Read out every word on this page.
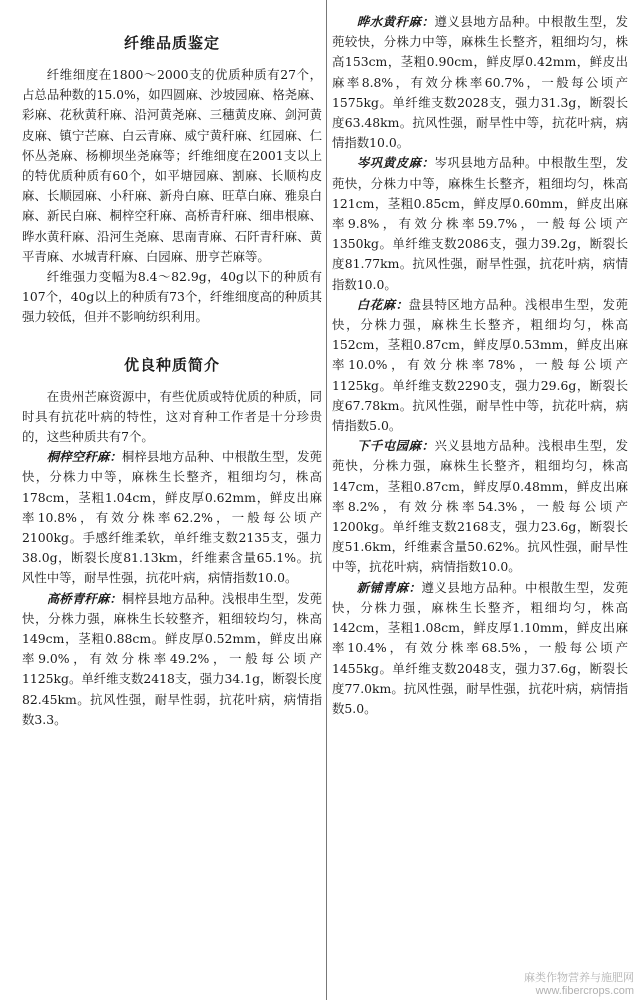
纤维品质鉴定

纤维细度在1800～2000支的优质种质有27个，占总品种数的15.0%，如四圆麻、沙坡园麻、格尧麻、彩麻、花秋黄秆麻、沿河黄尧麻、三穗黄皮麻、剑河黄皮麻、镇宁芒麻、白云青麻、威宁黄秆麻、红园麻、仁怀丛尧麻、杨柳坝坐尧麻等；纤维细度在2001支以上的特优质种质有60个，如平塘园麻、割麻、长顺构皮麻、长顺园麻、小秆麻、新舟白麻、旺草白麻、雅泉白麻、新民白麻、桐梓空秆麻、高桥青秆麻、细串根麻、晔水黄秆麻、沿河生尧麻、思南青麻、石阡青秆麻、黄平青麻、水城青秆麻、白园麻、册亨芒麻等。

纤维强力变幅为8.4～82.9g，40g以下的种质有107个，40g以上的种质有73个，纤维细度高的种质其强力较低，但并不影响纺织利用。

优良种质简介

在贵州芒麻资源中，有些优质或特优质的种质，同时具有抗花叶病的特性，这对育种工作者是十分珍贵的，这些种质共有7个。

桐梓空秆麻：桐梓县地方品种、中根散生型，发蔸快，分株力中等，麻株生长整齐，粗细均匀，株高178cm，茎粗1.04cm，鲜皮厚0.62mm，鲜皮出麻率10.8%，有效分株率62.2%，一般每公顷产2100kg。手感纤维柔软，单纤维支数2135支，强力38.0g，断裂长度81.13km，纤维素含量65.1%。抗风性中等，耐旱性强，抗花叶病，病情指数10.0。

高桥青秆麻：桐梓县地方品种。浅根串生型，发蔸快，分株力强，麻株生长较整齐，粗细较均匀，株高149cm，茎粗0.88cm。鲜皮厚0.52mm，鲜皮出麻率9.0%，有效分株率49.2%，一般每公顷产1125kg。单纤维支数2418支，强力34.1g，断裂长度82.45km。抗风性强，耐旱性弱，抗花叶病，病情指数3.3。

晔水黄秆麻：遵义县地方品种。中根散生型，发蔸较快，分株力中等，麻株生长整齐，粗细均匀，株高153cm，茎粗0.90cm，鲜皮厚0.42mm，鲜皮出麻率8.8%，有效分株率60.7%，一般每公顷产1575kg。单纤维支数2028支，强力31.3g，断裂长度63.48km。抗风性强，耐旱性中等，抗花叶病，病情指数10.0。

岑巩黄皮麻：岑巩县地方品种。中根散生型，发蔸快，分株力中等，麻株生长整齐，粗细均匀，株高121cm，茎粗0.85cm，鲜皮厚0.60mm，鲜皮出麻率9.8%，有效分株率59.7%，一般每公顷产1350kg。单纤维支数2086支，强力39.2g，断裂长度81.77km。抗风性强，耐旱性强，抗花叶病，病情指数10.0。

白花麻：盘县特区地方品种。浅根串生型，发蔸快，分株力强，麻株生长整齐，粗细均匀，株高152cm，茎粗0.87cm，鲜皮厚0.53mm，鲜皮出麻率10.0%，有效分株率78%，一般每公顷产1125kg。单纤维支数2290支，强力29.6g，断裂长度67.78km。抗风性强，耐旱性中等，抗花叶病，病情指数5.0。

下千屯园麻：兴义县地方品种。浅根串生型，发蔸快，分株力强，麻株生长整齐，粗细均匀，株高147cm，茎粗0.87cm，鲜皮厚0.48mm，鲜皮出麻率8.2%，有效分株率54.3%，一般每公顷产1200kg。单纤维支数2168支，强力23.6g，断裂长度51.6km，纤维素含量50.62%。抗风性强，耐旱性中等，抗花叶病，病情指数10.0。

新铺青麻：遵义县地方品种。中根散生型，发蔸快，分株力强，麻株生长整齐，粗细均匀，株高142cm，茎粗1.08cm，鲜皮厚1.10mm，鲜皮出麻率10.4%，有效分株率68.5%，一般每公顷产1455kg。单纤维支数2048支，强力37.6g，断裂长度77.0km。抗风性强，耐旱性强，抗花叶病，病情指数5.0。

麻类作物营养与施肥网
www.fibercrops.com
